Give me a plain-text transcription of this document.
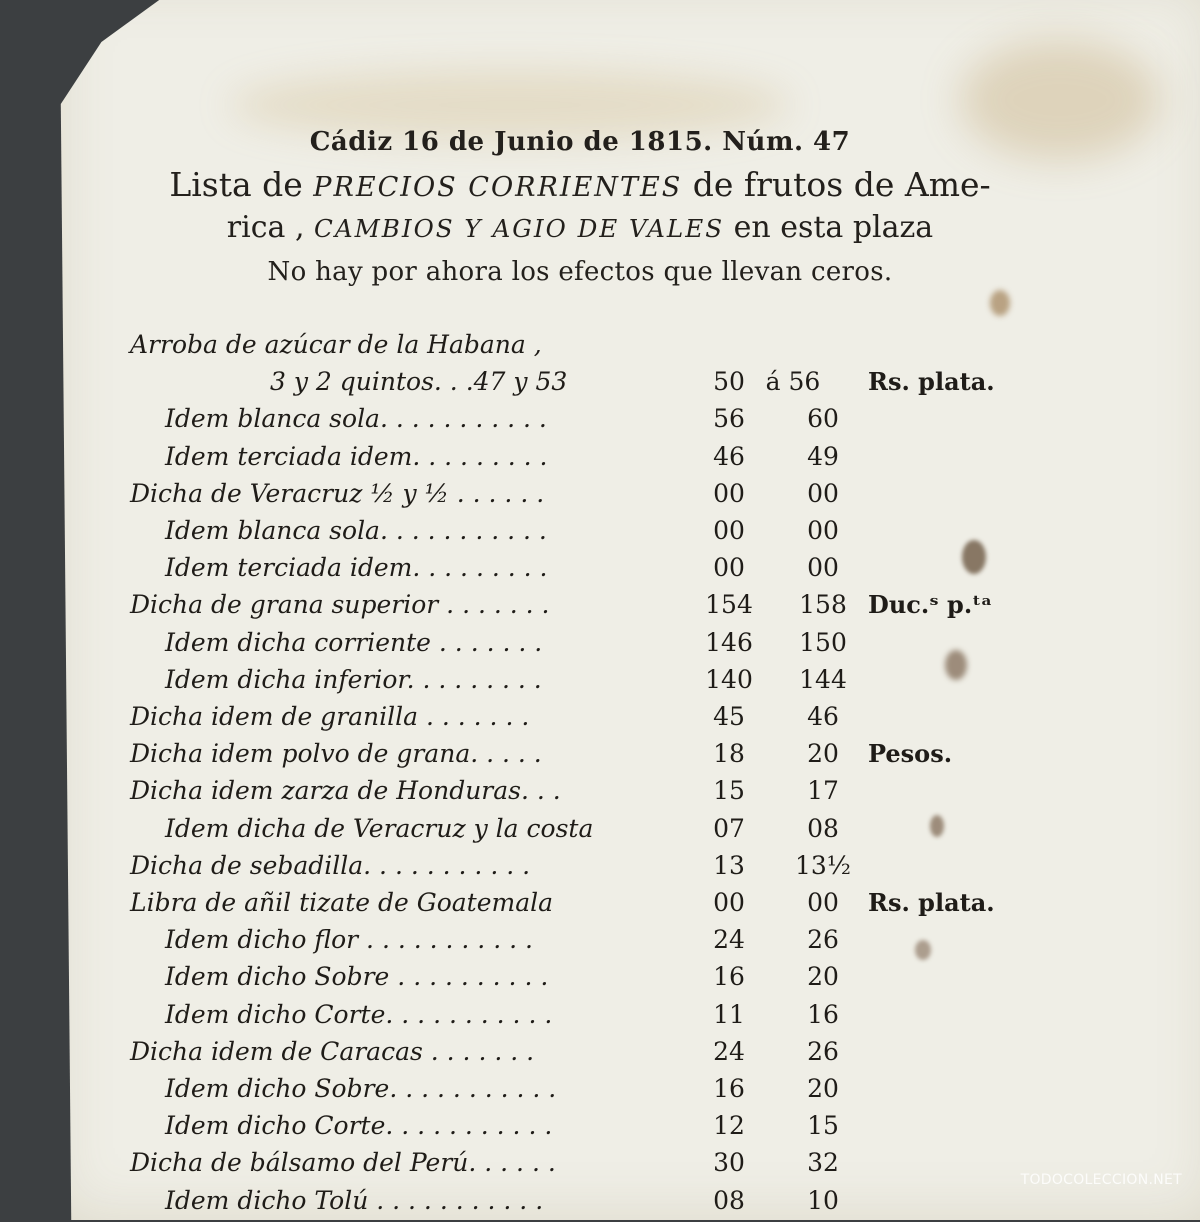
Cádiz 16 de Junio de 1815. Núm. 47
Lista de PRECIOS CORRIENTES de frutos de Ame-
rica , CAMBIOS Y AGIO DE VALES en esta plaza
No hay por ahora los efectos que llevan ceros.
Arroba de azúcar de la Habana ,
3 y 2 quintos. . .47 y 53	50 á 56	Rs. plata.
Idem blanca sola. . . . . . . . . . .	56	60
Idem terciada idem. . . . . . . . .	46	49
Dicha de Veracruz ½ y ½ . . . . . .	00	00
Idem blanca sola. . . . . . . . . . .	00	00
Idem terciada idem. . . . . . . . .	00	00
Dicha de grana superior . . . . . . .	154	158 Duc.ˢ p.ᵗᵃ
Idem dicha corriente . . . . . . .	146	150
Idem dicha inferior. . . . . . . . .	140	144
Dicha idem de granilla . . . . . . .	45	46
Dicha idem polvo de grana. . . . .	18	20	Pesos.
Dicha idem zarza de Honduras. . .	15	17
Idem dicha de Veracruz y la costa	07	08
Dicha de sebadilla. . . . . . . . . . .	13	13½
Libra de añil tizate de Goatemala	00	00	Rs. plata.
Idem dicho flor . . . . . . . . . . .	24	26
Idem dicho Sobre . . . . . . . . . .	16	20
Idem dicho Corte. . . . . . . . . . .	11	16
Dicha idem de Caracas . . . . . . .	24	26
Idem dicho Sobre. . . . . . . . . . .	16	20
Idem dicho Corte. . . . . . . . . . .	12	15
Dicha de bálsamo del Perú. . . . . .	30	32
Idem dicho Tolú . . . . . . . . . . .	08	10
TODOCOLECCION.NET
